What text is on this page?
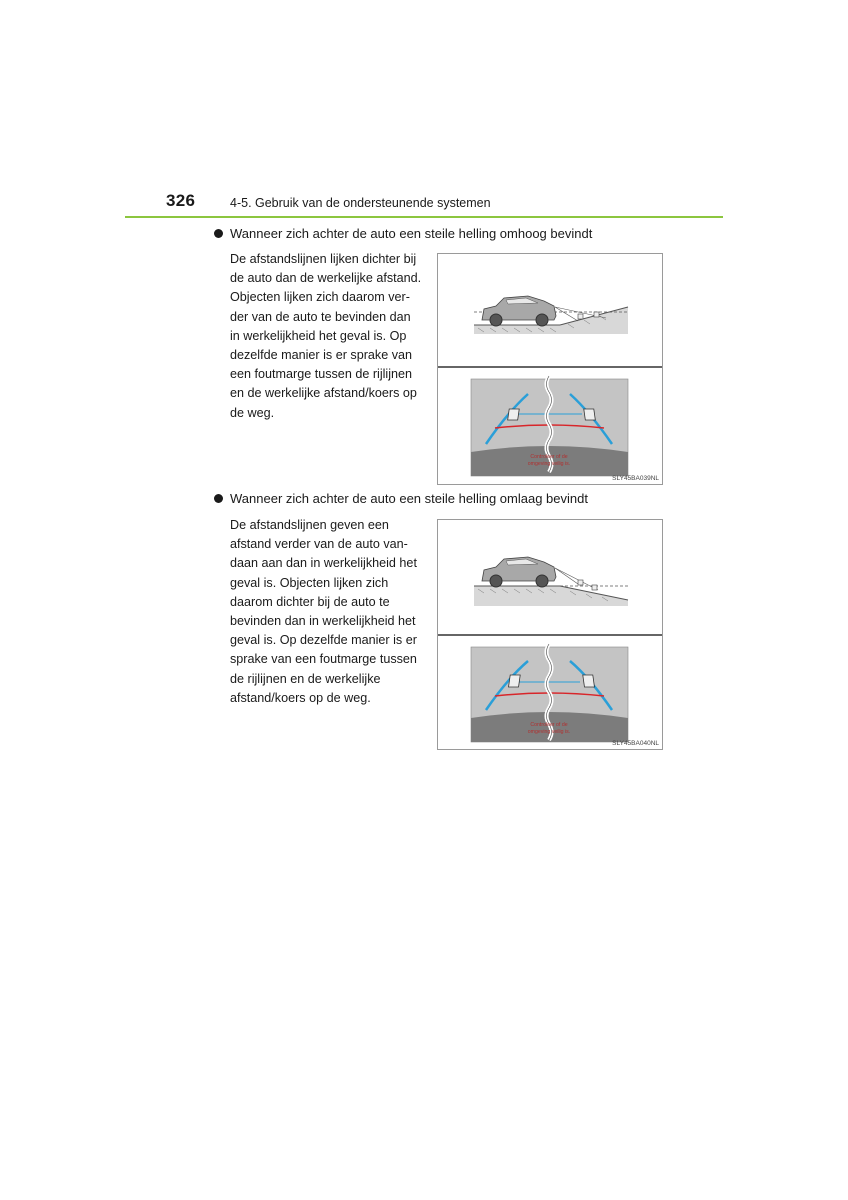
326	4-5. Gebruik van de ondersteunende systemen
Wanneer zich achter de auto een steile helling omhoog bevindt
De afstandslijnen lijken dichter bij
de auto dan de werkelijke afstand.
Objecten lijken zich daarom ver-
der van de auto te bevinden dan
in werkelijkheid het geval is. Op
dezelfde manier is er sprake van
een foutmarge tussen de rijlijnen
en de werkelijke afstand/koers op
de weg.
Controleer of de
omgeving veilig is.
SLY45BA039NL
Wanneer zich achter de auto een steile helling omlaag bevindt
De afstandslijnen geven een
afstand verder van de auto van-
daan aan dan in werkelijkheid het
geval is. Objecten lijken zich
daarom dichter bij de auto te
bevinden dan in werkelijkheid het
geval is. Op dezelfde manier is er
sprake van een foutmarge tussen
de rijlijnen en de werkelijke
afstand/koers op de weg.
Controleer of de
omgeving veilig is.
SLY45BA040NL
